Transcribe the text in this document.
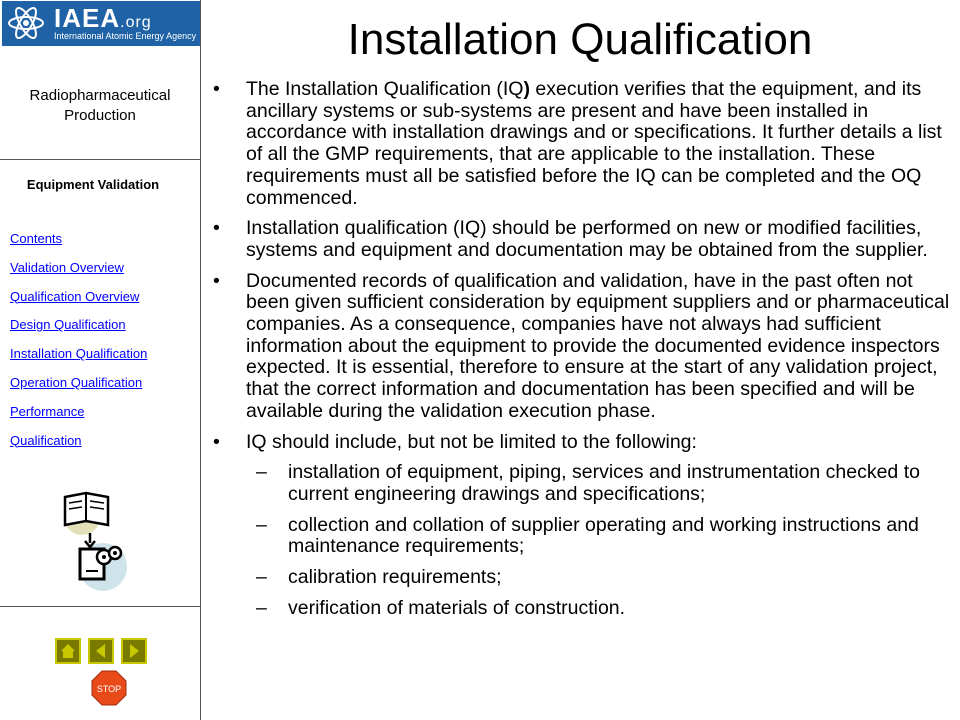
IAEA.org
International Atomic Energy Agency
Radiopharmaceutical
Production
Equipment Validation
Contents
Validation Overview
Qualification Overview
Design Qualification
Installation Qualification
Operation Qualification
Performance
Qualification
STOP
Installation Qualification
• The Installation Qualification (IQ) execution verifies that the equipment, and its ancillary systems or sub-systems are present and have been installed in accordance with installation drawings and or specifications. It further details a list of all the GMP requirements, that are applicable to the installation. These requirements must all be satisfied before the IQ can be completed and the OQ commenced.
• Installation qualification (IQ) should be performed on new or modified facilities, systems and equipment and documentation may be obtained from the supplier.
• Documented records of qualification and validation, have in the past often not been given sufficient consideration by equipment suppliers and or pharmaceutical companies. As a consequence, companies have not always had sufficient information about the equipment to provide the documented evidence inspectors expected. It is essential, therefore to ensure at the start of any validation project, that the correct information and documentation has been specified and will be available during the validation execution phase.
• IQ should include, but not be limited to the following:
– installation of equipment, piping, services and instrumentation checked to current engineering drawings and specifications;
– collection and collation of supplier operating and working instructions and maintenance requirements;
– calibration requirements;
– verification of materials of construction.
